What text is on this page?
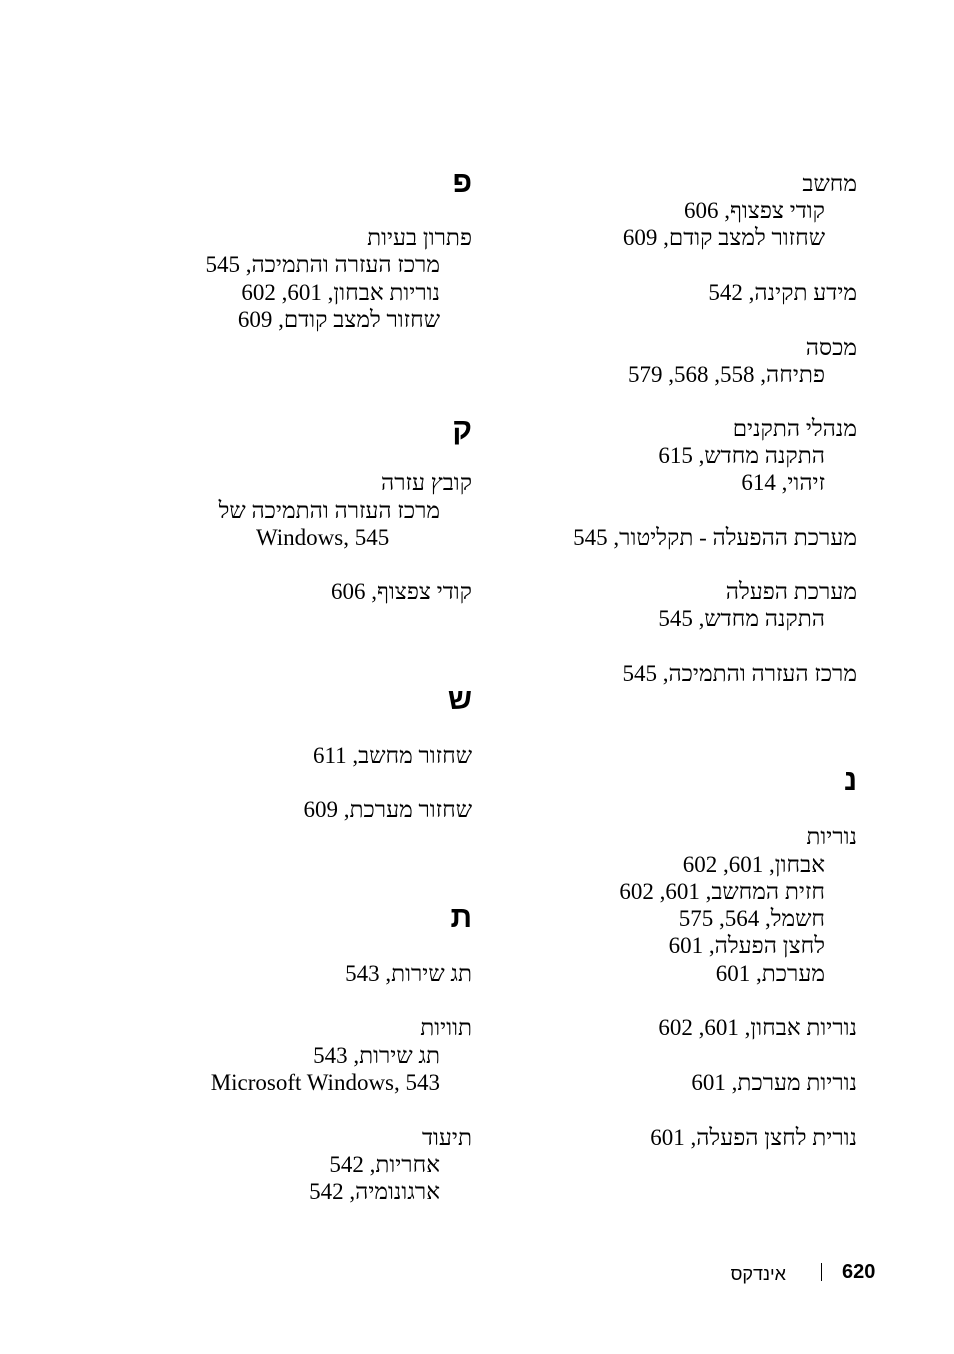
מחשב
קודי צפצוף, 606
שחזור למצב קודם, 609
מידע תקינה, 542
מכסה
פתיחה, 558, 568, 579
מנהלי התקנים
התקנה מחדש, 615
זיהוי, 614
מערכת ההפעלה - תקליטור, 545
מערכת הפעלה
התקנה מחדש, 545
מרכז העזרה והתמיכה, 545
נ
נוריות
אבחון, 601, 602
חזית המחשב, 601, 602
חשמל, 564, 575
לחצן הפעלה, 601
מערכת, 601
נוריות אבחון, 601, 602
נוריות מערכת, 601
נורית לחצן הפעלה, 601
פ
פתרון בעיות
מרכז העזרה והתמיכה, 545
נוריות אבחון, 601, 602
שחזור למצב קודם, 609
ק
קובץ עזרה
מרכז העזרה והתמיכה של
Windows, 545
קודי צפצוף, 606
ש
שחזור מחשב, 611
שחזור מערכת, 609
ת
תג שירות, 543
תוויות
תג שירות, 543
Microsoft Windows, 543
תיעוד
אחריות, 542
ארגונומיה, 542
620
אינדקס
